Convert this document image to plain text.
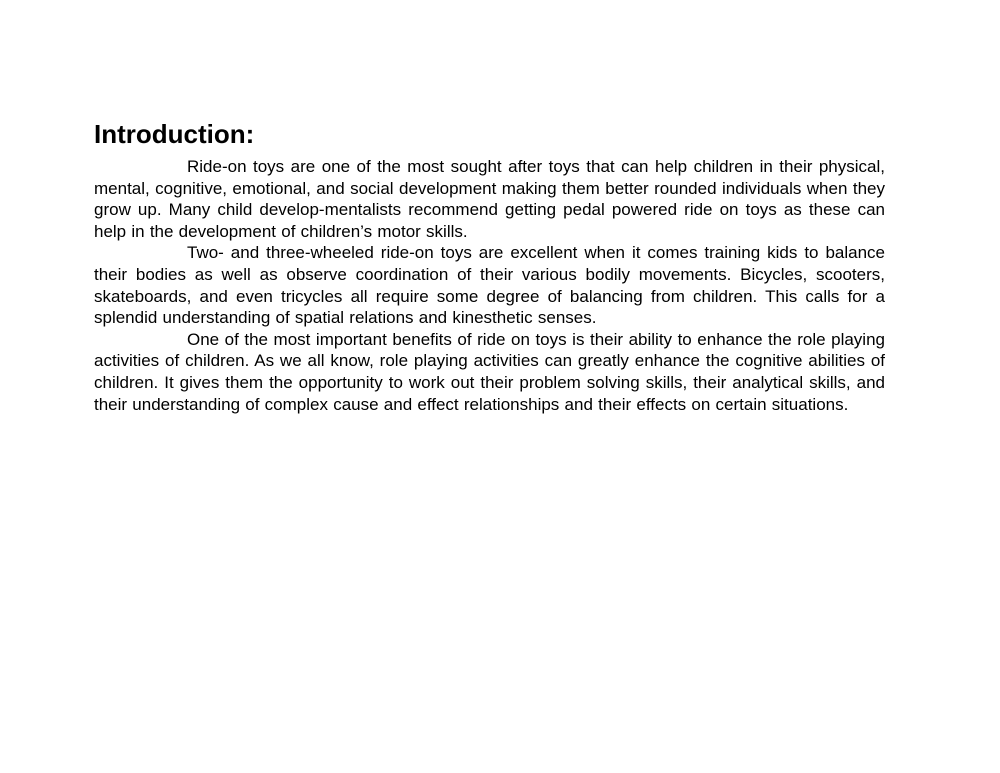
Introduction:

Ride-on toys are one of the most sought after toys that can help children in their physical, mental, cognitive, emotional, and social development making them better rounded individuals when they grow up. Many child develop-mentalists recommend getting pedal powered ride on toys as these can help in the development of children’s motor skills.

Two- and three-wheeled ride-on toys are excellent when it comes training kids to balance their bodies as well as observe coordination of their various bodily movements. Bicycles, scooters, skateboards, and even tricycles all require some degree of balancing from children. This calls for a splendid understanding of spatial relations and kinesthetic senses.

One of the most important benefits of ride on toys is their ability to enhance the role playing activities of children. As we all know, role playing activities can greatly enhance the cognitive abilities of children. It gives them the opportunity to work out their problem solving skills, their analytical skills, and their understanding of complex cause and effect relationships and their effects on certain situations.
